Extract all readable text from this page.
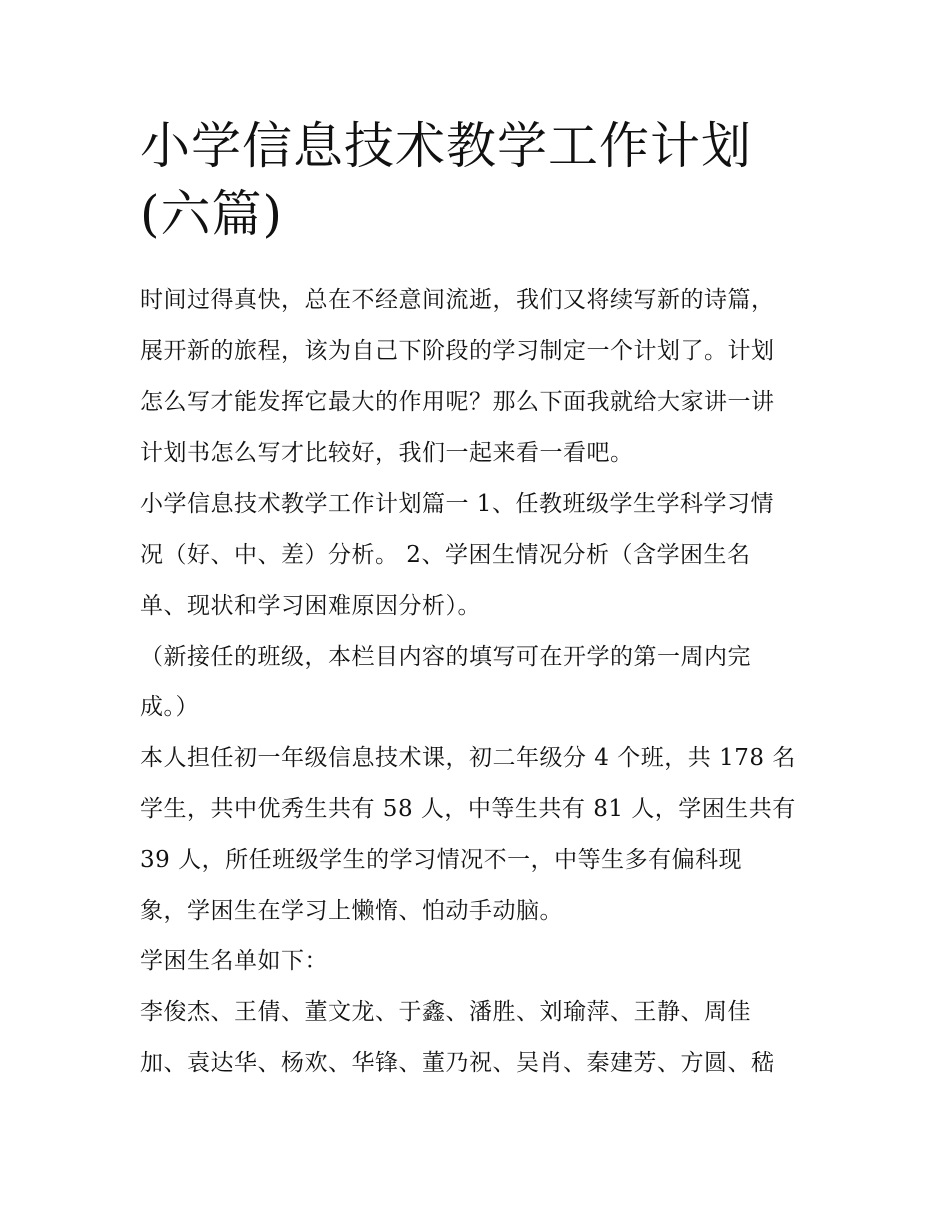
小学信息技术教学工作计划(六篇)
时间过得真快，总在不经意间流逝，我们又将续写新的诗篇，
展开新的旅程，该为自己下阶段的学习制定一个计划了。计划
怎么写才能发挥它最大的作用呢？那么下面我就给大家讲一讲
计划书怎么写才比较好，我们一起来看一看吧。
小学信息技术教学工作计划篇一 1、任教班级学生学科学习情
况（好、中、差）分析。 2、学困生情况分析（含学困生名
单、现状和学习困难原因分析）。
（新接任的班级，本栏目内容的填写可在开学的第一周内完
成。）
本人担任初一年级信息技术课，初二年级分 4 个班，共 178 名
学生，共中优秀生共有 58 人，中等生共有 81 人，学困生共有
39 人，所任班级学生的学习情况不一，中等生多有偏科现
象，学困生在学习上懒惰、怕动手动脑。
学困生名单如下：
李俊杰、王倩、董文龙、于鑫、潘胜、刘瑜萍、王静、周佳
加、袁达华、杨欢、华锋、董乃祝、吴肖、秦建芳、方圆、嵇
